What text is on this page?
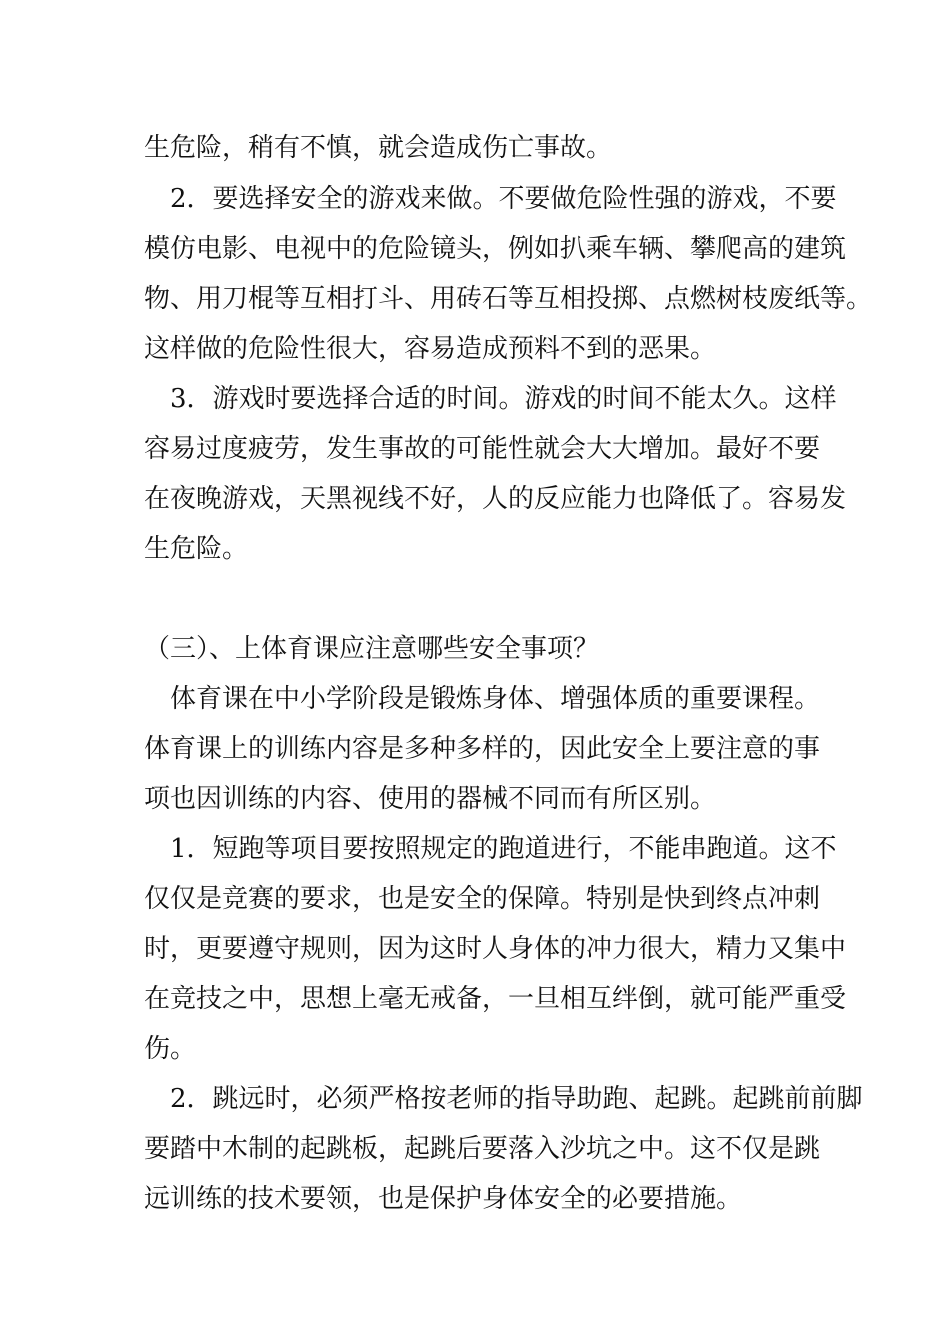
生危险，稍有不慎，就会造成伤亡事故。
2．要选择安全的游戏来做。不要做危险性强的游戏，不要
模仿电影、电视中的危险镜头，例如扒乘车辆、攀爬高的建筑
物、用刀棍等互相打斗、用砖石等互相投掷、点燃树枝废纸等。
这样做的危险性很大，容易造成预料不到的恶果。
3．游戏时要选择合适的时间。游戏的时间不能太久。这样
容易过度疲劳，发生事故的可能性就会大大增加。最好不要
在夜晚游戏，天黑视线不好，人的反应能力也降低了。容易发
生危险。
（三）、上体育课应注意哪些安全事项？
体育课在中小学阶段是锻炼身体、增强体质的重要课程。
体育课上的训练内容是多种多样的，因此安全上要注意的事
项也因训练的内容、使用的器械不同而有所区别。
1．短跑等项目要按照规定的跑道进行，不能串跑道。这不
仅仅是竞赛的要求，也是安全的保障。特别是快到终点冲刺
时，更要遵守规则，因为这时人身体的冲力很大，精力又集中
在竞技之中，思想上毫无戒备，一旦相互绊倒，就可能严重受
伤。
2．跳远时，必须严格按老师的指导助跑、起跳。起跳前前脚
要踏中木制的起跳板，起跳后要落入沙坑之中。这不仅是跳
远训练的技术要领，也是保护身体安全的必要措施。
